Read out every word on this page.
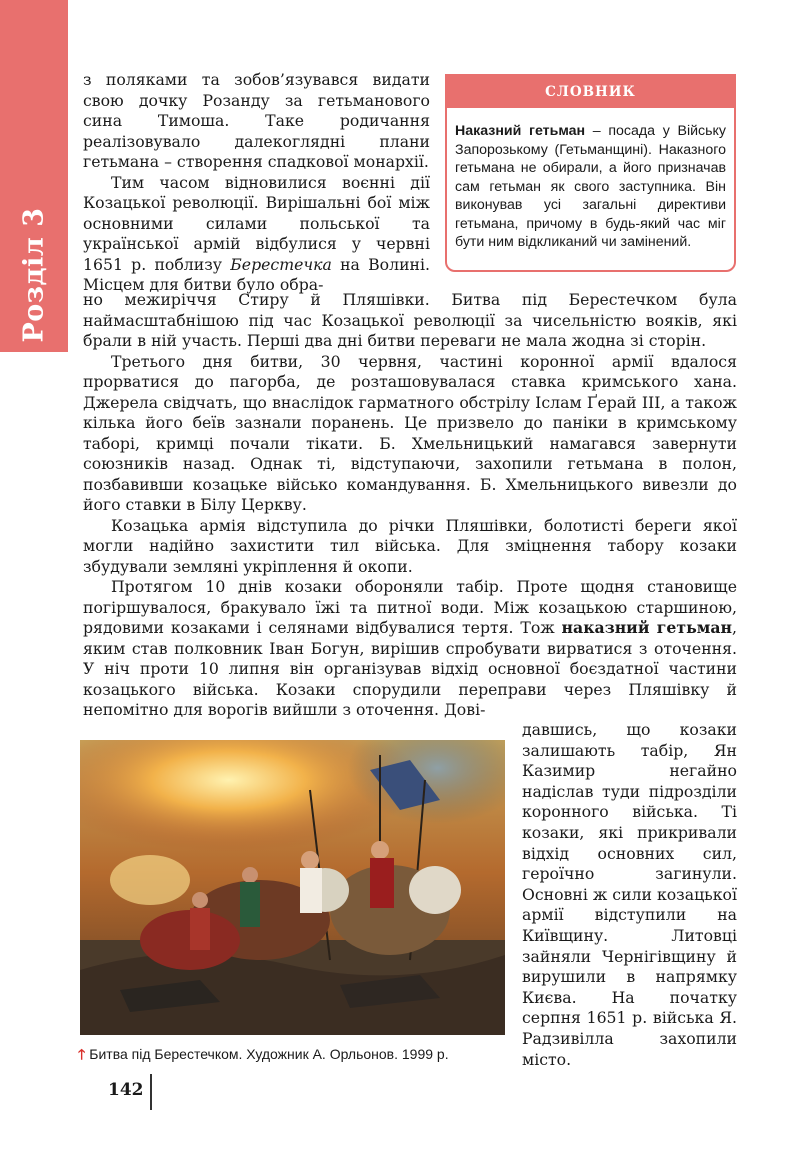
Розділ 3

з поляками та зобов’язувався видати свою дочку Розанду за гетьманового сина Тимоша. Таке родичання реалізовувало далекоглядні плани гетьмана – створення спадкової монархії.

Тим часом відновилися воєнні дії Козацької революції. Вирішальні бої між основними силами польської та української армій відбулися у червні 1651 р. поблизу Берестечка на Волині. Місцем для битви було обра-

СЛОВНИК
Наказний гетьман – посада у Війську Запорозькому (Гетьманщині). Наказного гетьмана не обирали, а його призначав сам гетьман як свого заступника. Він виконував усі загальні директиви гетьмана, причому в будь-який час міг бути ним відкликаний чи замінений.

но межиріччя Стиру й Пляшівки. Битва під Берестечком була наймасштабнішою під час Козацької революції за чисельністю вояків, які брали в ній участь. Перші два дні битви переваги не мала жодна зі сторін.

Третього дня битви, 30 червня, частині коронної армії вдалося прорватися до пагорба, де розташовувалася ставка кримського хана. Джерела свідчать, що внаслідок гарматного обстрілу Іслам Ґерай ІІІ, а також кілька його беїв зазнали поранень. Це призвело до паніки в кримському таборі, кримці почали тікати. Б. Хмельницький намагався завернути союзників назад. Однак ті, відступаючи, захопили гетьмана в полон, позбавивши козацьке військо командування. Б. Хмельницького вивезли до його ставки в Білу Церкву.

Козацька армія відступила до річки Пляшівки, болотисті береги якої могли надійно захистити тил війська. Для зміцнення табору козаки збудували земляні укріплення й окопи.

Протягом 10 днів козаки обороняли табір. Проте щодня становище погіршувалося, бракувало їжі та питної води. Між козацькою старшиною, рядовими козаками і селянами відбувалися тертя. Тож наказний гетьман, яким став полковник Іван Богун, вирішив спробувати вирватися з оточення. У ніч проти 10 липня він організував відхід основної боєздатної частини козацького війська. Козаки спорудили переправи через Пляшівку й непомітно для ворогів вийшли з оточення. Дові-

давшись, що козаки залишають табір, Ян Казимир негайно надіслав туди підрозділи коронного війська. Ті козаки, які прикривали відхід основних сил, героїчно загинули. Основні ж сили козацької армії відступили на Київщину. Литовці зайняли Чернігівщину й вирушили в напрямку Києва. На початку серпня 1651 р. війська Я. Радзивілла захопили місто.

🡑 Битва під Берестечком. Художник А. Орльонов. 1999 р.
142
